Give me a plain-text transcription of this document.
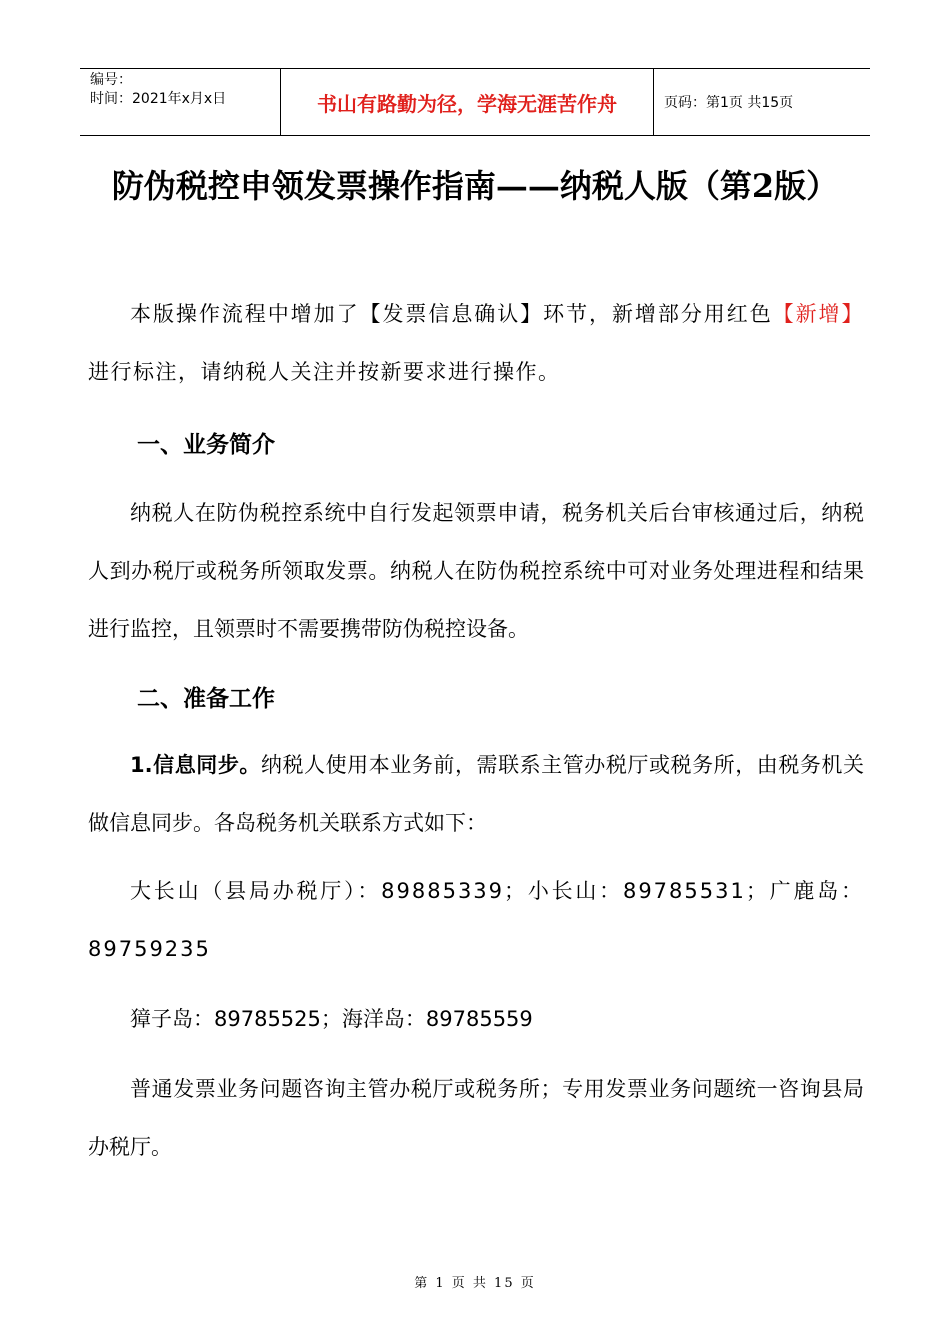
编号：
时间：2021年x月x日	书山有路勤为径，学海无涯苦作舟	页码：第1页 共15页
防伪税控申领发票操作指南——纳税人版（第2版）

本版操作流程中增加了【发票信息确认】环节，新增部分用红色【新增】进行标注，请纳税人关注并按新要求进行操作。

一、业务简介

纳税人在防伪税控系统中自行发起领票申请，税务机关后台审核通过后，纳税人到办税厅或税务所领取发票。纳税人在防伪税控系统中可对业务处理进程和结果进行监控，且领票时不需要携带防伪税控设备。

二、准备工作

1.信息同步。纳税人使用本业务前，需联系主管办税厅或税务所，由税务机关做信息同步。各岛税务机关联系方式如下：

大长山（县局办税厅）：89885339；小长山：89785531；广鹿岛：89759235

獐子岛：89785525；海洋岛：89785559

普通发票业务问题咨询主管办税厅或税务所；专用发票业务问题统一咨询县局办税厅。

第 1 页 共 15 页
